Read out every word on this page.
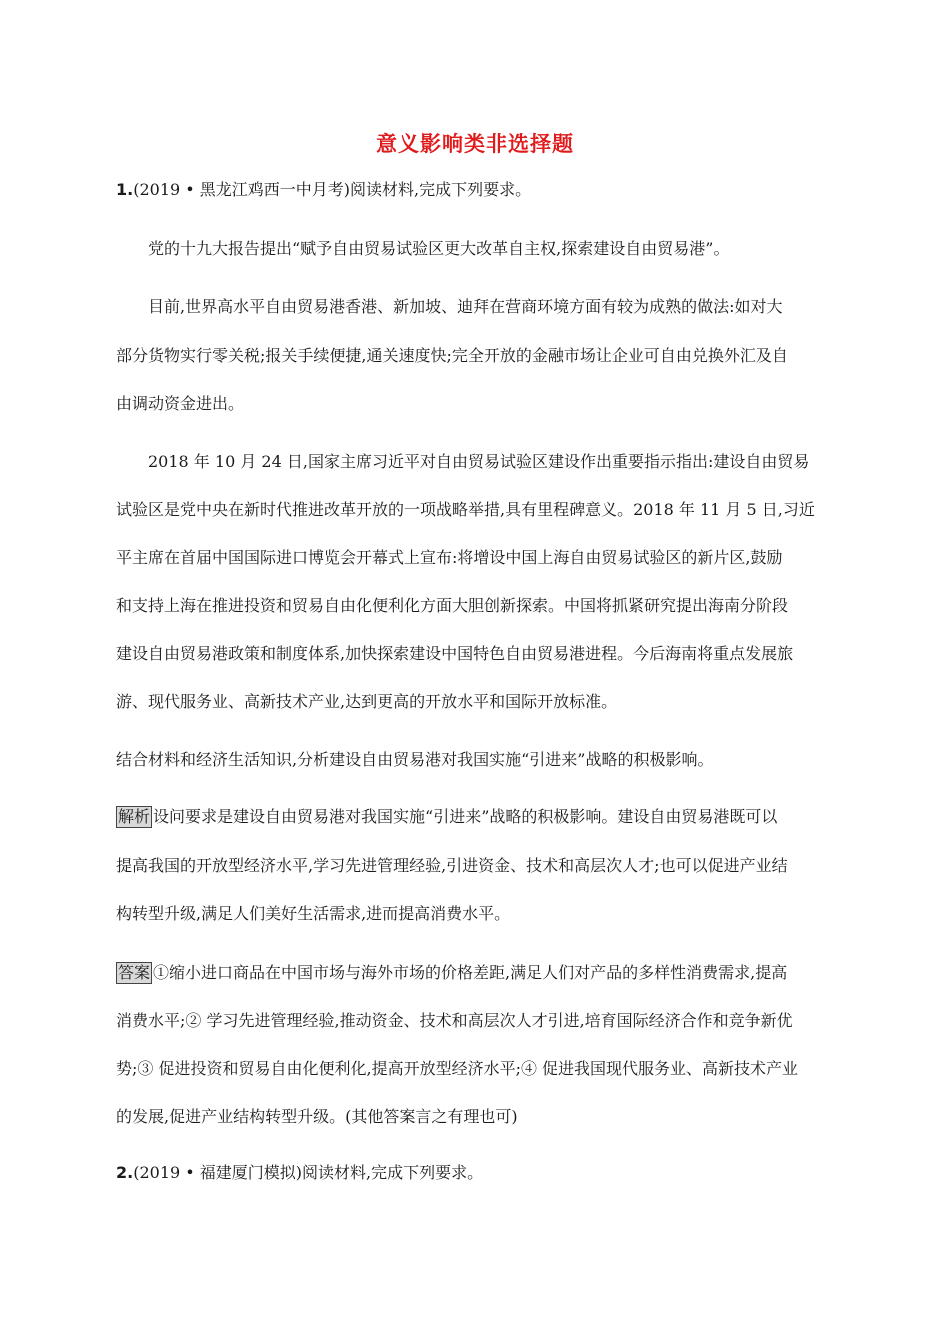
意义影响类非选择题
1.(2019 • 黑龙江鸡西一中月考)阅读材料,完成下列要求。
党的十九大报告提出“赋予自由贸易试验区更大改革自主权,探索建设自由贸易港”。
目前,世界高水平自由贸易港香港、新加坡、迪拜在营商环境方面有较为成熟的做法:如对大
部分货物实行零关税;报关手续便捷,通关速度快;完全开放的金融市场让企业可自由兑换外汇及自
由调动资金进出。
2018 年 10 月 24 日,国家主席习近平对自由贸易试验区建设作出重要指示指出:建设自由贸易
试验区是党中央在新时代推进改革开放的一项战略举措,具有里程碑意义。2018 年 11 月 5 日,习近
平主席在首届中国国际进口博览会开幕式上宣布:将增设中国上海自由贸易试验区的新片区,鼓励
和支持上海在推进投资和贸易自由化便利化方面大胆创新探索。中国将抓紧研究提出海南分阶段
建设自由贸易港政策和制度体系,加快探索建设中国特色自由贸易港进程。今后海南将重点发展旅
游、现代服务业、高新技术产业,达到更高的开放水平和国际开放标准。
结合材料和经济生活知识,分析建设自由贸易港对我国实施“引进来”战略的积极影响。
解析 设问要求是建设自由贸易港对我国实施“引进来”战略的积极影响。建设自由贸易港既可以
提高我国的开放型经济水平,学习先进管理经验,引进资金、技术和高层次人才;也可以促进产业结
构转型升级,满足人们美好生活需求,进而提高消费水平。
答案 ①缩小进口商品在中国市场与海外市场的价格差距,满足人们对产品的多样性消费需求,提高
消费水平;② 学习先进管理经验,推动资金、技术和高层次人才引进,培育国际经济合作和竞争新优
势;③ 促进投资和贸易自由化便利化,提高开放型经济水平;④ 促进我国现代服务业、高新技术产业
的发展,促进产业结构转型升级。(其他答案言之有理也可)
2.(2019 • 福建厦门模拟)阅读材料,完成下列要求。
